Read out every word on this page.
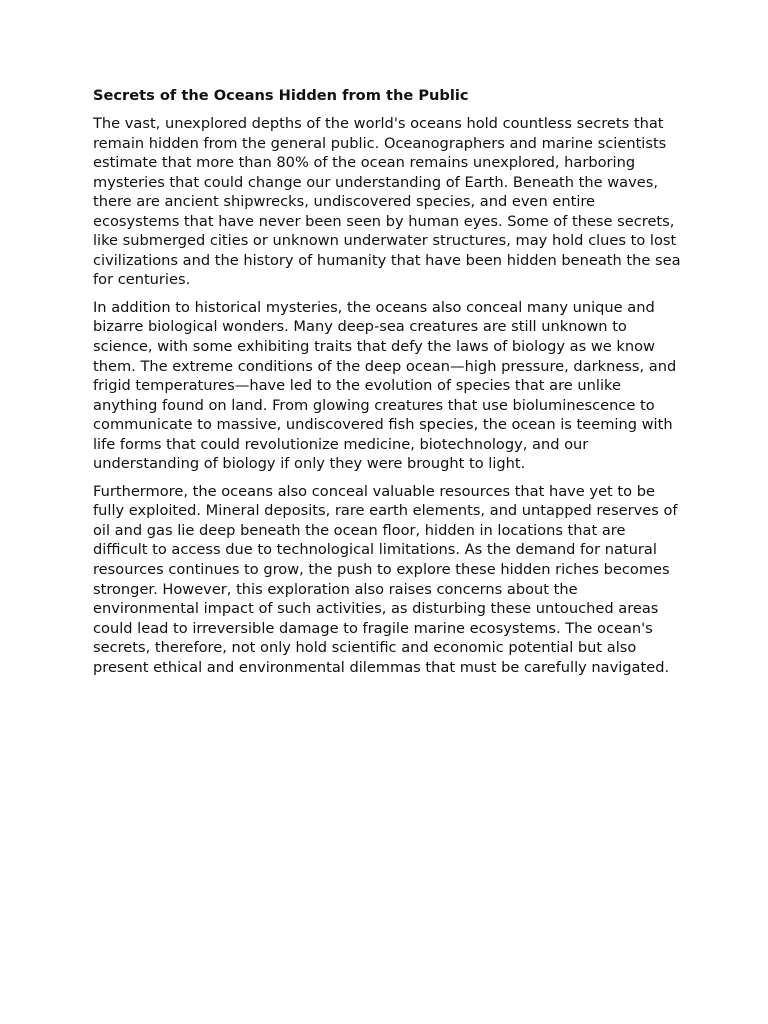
Secrets of the Oceans Hidden from the Public

The vast, unexplored depths of the world's oceans hold countless secrets that remain hidden from the general public. Oceanographers and marine scientists estimate that more than 80% of the ocean remains unexplored, harboring mysteries that could change our understanding of Earth. Beneath the waves, there are ancient shipwrecks, undiscovered species, and even entire ecosystems that have never been seen by human eyes. Some of these secrets, like submerged cities or unknown underwater structures, may hold clues to lost civilizations and the history of humanity that have been hidden beneath the sea for centuries.

In addition to historical mysteries, the oceans also conceal many unique and bizarre biological wonders. Many deep-sea creatures are still unknown to science, with some exhibiting traits that defy the laws of biology as we know them. The extreme conditions of the deep ocean—high pressure, darkness, and frigid temperatures—have led to the evolution of species that are unlike anything found on land. From glowing creatures that use bioluminescence to communicate to massive, undiscovered fish species, the ocean is teeming with life forms that could revolutionize medicine, biotechnology, and our understanding of biology if only they were brought to light.

Furthermore, the oceans also conceal valuable resources that have yet to be fully exploited. Mineral deposits, rare earth elements, and untapped reserves of oil and gas lie deep beneath the ocean floor, hidden in locations that are difficult to access due to technological limitations. As the demand for natural resources continues to grow, the push to explore these hidden riches becomes stronger. However, this exploration also raises concerns about the environmental impact of such activities, as disturbing these untouched areas could lead to irreversible damage to fragile marine ecosystems. The ocean's secrets, therefore, not only hold scientific and economic potential but also present ethical and environmental dilemmas that must be carefully navigated.
